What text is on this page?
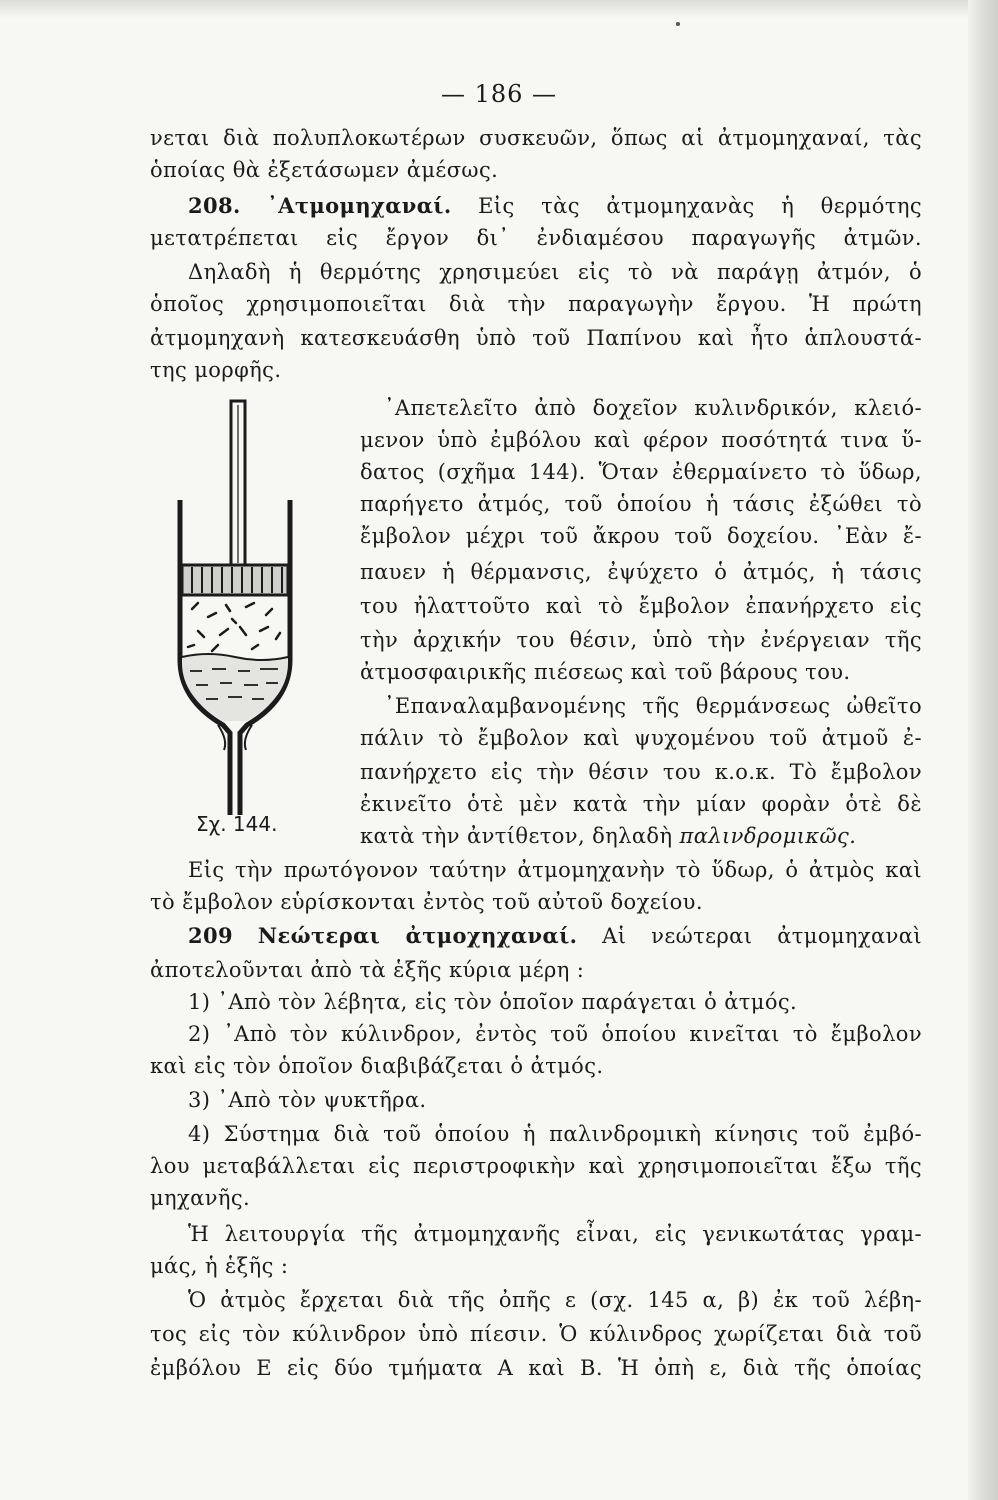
— 186 —
νεται διὰ πολυπλοκωτέρων συσκευῶν, ὅπως αἱ ἀτμομηχαναί, τὰς
ὁποίας θὰ ἐξετάσωμεν ἀμέσως.
208. ᾿Ατμομηχαναί. Εἰς τὰς ἀτμομηχανὰς ἡ θερμότης
μετατρέπεται εἰς ἔργον δι᾿ ἐνδιαμέσου παραγωγῆς ἀτμῶν.
Δηλαδὴ ἡ θερμότης χρησιμεύει εἰς τὸ νὰ παράγῃ ἀτμόν, ὁ
ὁποῖος χρησιμοποιεῖται διὰ τὴν παραγωγὴν ἔργου. Ἡ πρώτη
ἀτμομηχανὴ κατεσκευάσθη ὑπὸ τοῦ Παπίνου καὶ ἦτο ἁπλουστά-
της μορφῆς.
Σχ. 144.
᾿Απετελεῖτο ἀπὸ δοχεῖον κυλινδρικόν, κλειό-
μενον ὑπὸ ἐμβόλου καὶ φέρον ποσότητά τινα ὕ-
δατος (σχῆμα 144). Ὅταν ἐθερμαίνετο τὸ ὕδωρ,
παρήγετο ἀτμός, τοῦ ὁποίου ἡ τάσις ἐξώθει τὸ
ἔμβολον μέχρι τοῦ ἄκρου τοῦ δοχείου. ᾿Εὰν ἔ-
παυεν ἡ θέρμανσις, ἐψύχετο ὁ ἀτμός, ἡ τάσις
του ἠλαττοῦτο καὶ τὸ ἔμβολον ἐπανήρχετο εἰς
τὴν ἀρχικήν του θέσιν, ὑπὸ τὴν ἐνέργειαν τῆς
ἀτμοσφαιρικῆς πιέσεως καὶ τοῦ βάρους του.
᾿Επαναλαμβανομένης τῆς θερμάνσεως ὠθεῖτο
πάλιν τὸ ἔμβολον καὶ ψυχομένου τοῦ ἀτμοῦ ἐ-
πανήρχετο εἰς τὴν θέσιν του κ.ο.κ. Τὸ ἔμβολον
ἐκινεῖτο ὁτὲ μὲν κατὰ τὴν μίαν φορὰν ὁτὲ δὲ
κατὰ τὴν ἀντίθετον, δηλαδὴ παλινδρομικῶς.
Εἰς τὴν πρωτόγονον ταύτην ἀτμομηχανὴν τὸ ὕδωρ, ὁ ἀτμὸς καὶ
τὸ ἔμβολον εὑρίσκονται ἐντὸς τοῦ αὐτοῦ δοχείου.
209 Νεώτεραι ἀτμοχηχαναί. Αἱ νεώτεραι ἀτμομηχαναὶ
ἀποτελοῦνται ἀπὸ τὰ ἑξῆς κύρια μέρη :
1) ᾿Απὸ τὸν λέβητα, εἰς τὸν ὁποῖον παράγεται ὁ ἀτμός.
2) ᾿Απὸ τὸν κύλινδρον, ἐντὸς τοῦ ὁποίου κινεῖται τὸ ἔμβολον
καὶ εἰς τὸν ὁποῖον διαβιβάζεται ὁ ἀτμός.
3) ᾿Απὸ τὸν ψυκτῆρα.
4) Σύστημα διὰ τοῦ ὁποίου ἡ παλινδρομικὴ κίνησις τοῦ ἐμβό-
λου μεταβάλλεται εἰς περιστροφικὴν καὶ χρησιμοποιεῖται ἔξω τῆς
μηχανῆς.
Ἡ λειτουργία τῆς ἀτμομηχανῆς εἶναι, εἰς γενικωτάτας γραμ-
μάς, ἡ ἑξῆς :
Ὁ ἀτμὸς ἔρχεται διὰ τῆς ὀπῆς ε (σχ. 145 α, β) ἐκ τοῦ λέβη-
τος εἰς τὸν κύλινδρον ὑπὸ πίεσιν. Ὁ κύλινδρος χωρίζεται διὰ τοῦ
ἐμβόλου Ε εἰς δύο τμήματα Α καὶ Β. Ἡ ὀπὴ ε, διὰ τῆς ὁποίας
